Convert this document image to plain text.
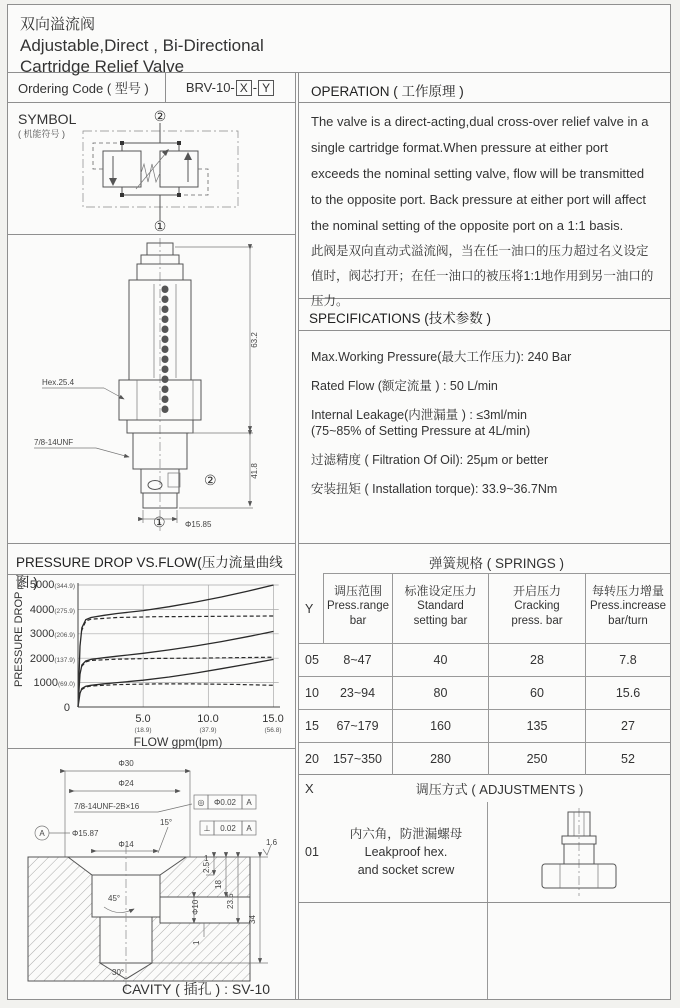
双向溢流阀
Adjustable,Direct , Bi-Directional
Cartridge Relief Valve
Ordering Code ( 型号 )	BRV-10- X - Y
SYMBOL
( 机能符号 )
②
①
Hex.25.4
7/8-14UNF
63.2
41.8
②
① Φ15.85
PRESSURE DROP VS.FLOW(压力流量曲线图 )
PRESSURE DROP
5000(344.9)
4000(275.9)
3000(206.9)
2000(137.9)
1000(69.0)
0
5.0
(18.9)
10.0
(37.9)
15.0
(56.8)
FLOW gpm(lpm)
Φ30
Φ24
7/8-14UNF-2B×16	◎ Φ0.02 A
⊥ 0.02 A
A	Φ15.87
15°
Φ14
45°
30°
2.5
18
23.5
34
Φ10
1
1
1.6
CAVITY ( 插孔 ) : SV-10
OPERATION ( 工作原理 )
The valve is a direct-acting,dual cross-over relief valve in a single cartridge format.When pressure at either port exceeds the nominal setting valve, flow will be transmitted to the opposite port. Back pressure at either port will affect the nominal setting of the opposite port on a 1:1 basis.
此阀是双向直动式溢流阀，当在任一油口的压力超过名义设定值时，阀芯打开；在任一油口的被压将1:1地作用到另一油口的压力。
SPECIFICATIONS (技术参数 )
Max.Working Pressure(最大工作压力): 240 Bar
Rated Flow (额定流量 ) : 50 L/min
Internal Leakage(内泄漏量 ) : ≤3ml/min
(75~85% of Setting Pressure at 4L/min)
过滤精度 ( Filtration Of Oil): 25μm or better
安装扭矩 ( Installation torque): 33.9~36.7Nm
弹簧规格 ( SPRINGS )
Y
调压范围
Press.range
bar
标准设定压力
Standard
setting bar
开启压力
Cracking
press. bar
每转压力增量
Press.increase
bar/turn
05	8~47	40	28	7.8
10	23~94	80	60	15.6
15	67~179	160	135	27
20	157~350	280	250	52
X	调压方式 ( ADJUSTMENTS )
01
内六角，防泄漏螺母
Leakproof hex.
and socket screw
